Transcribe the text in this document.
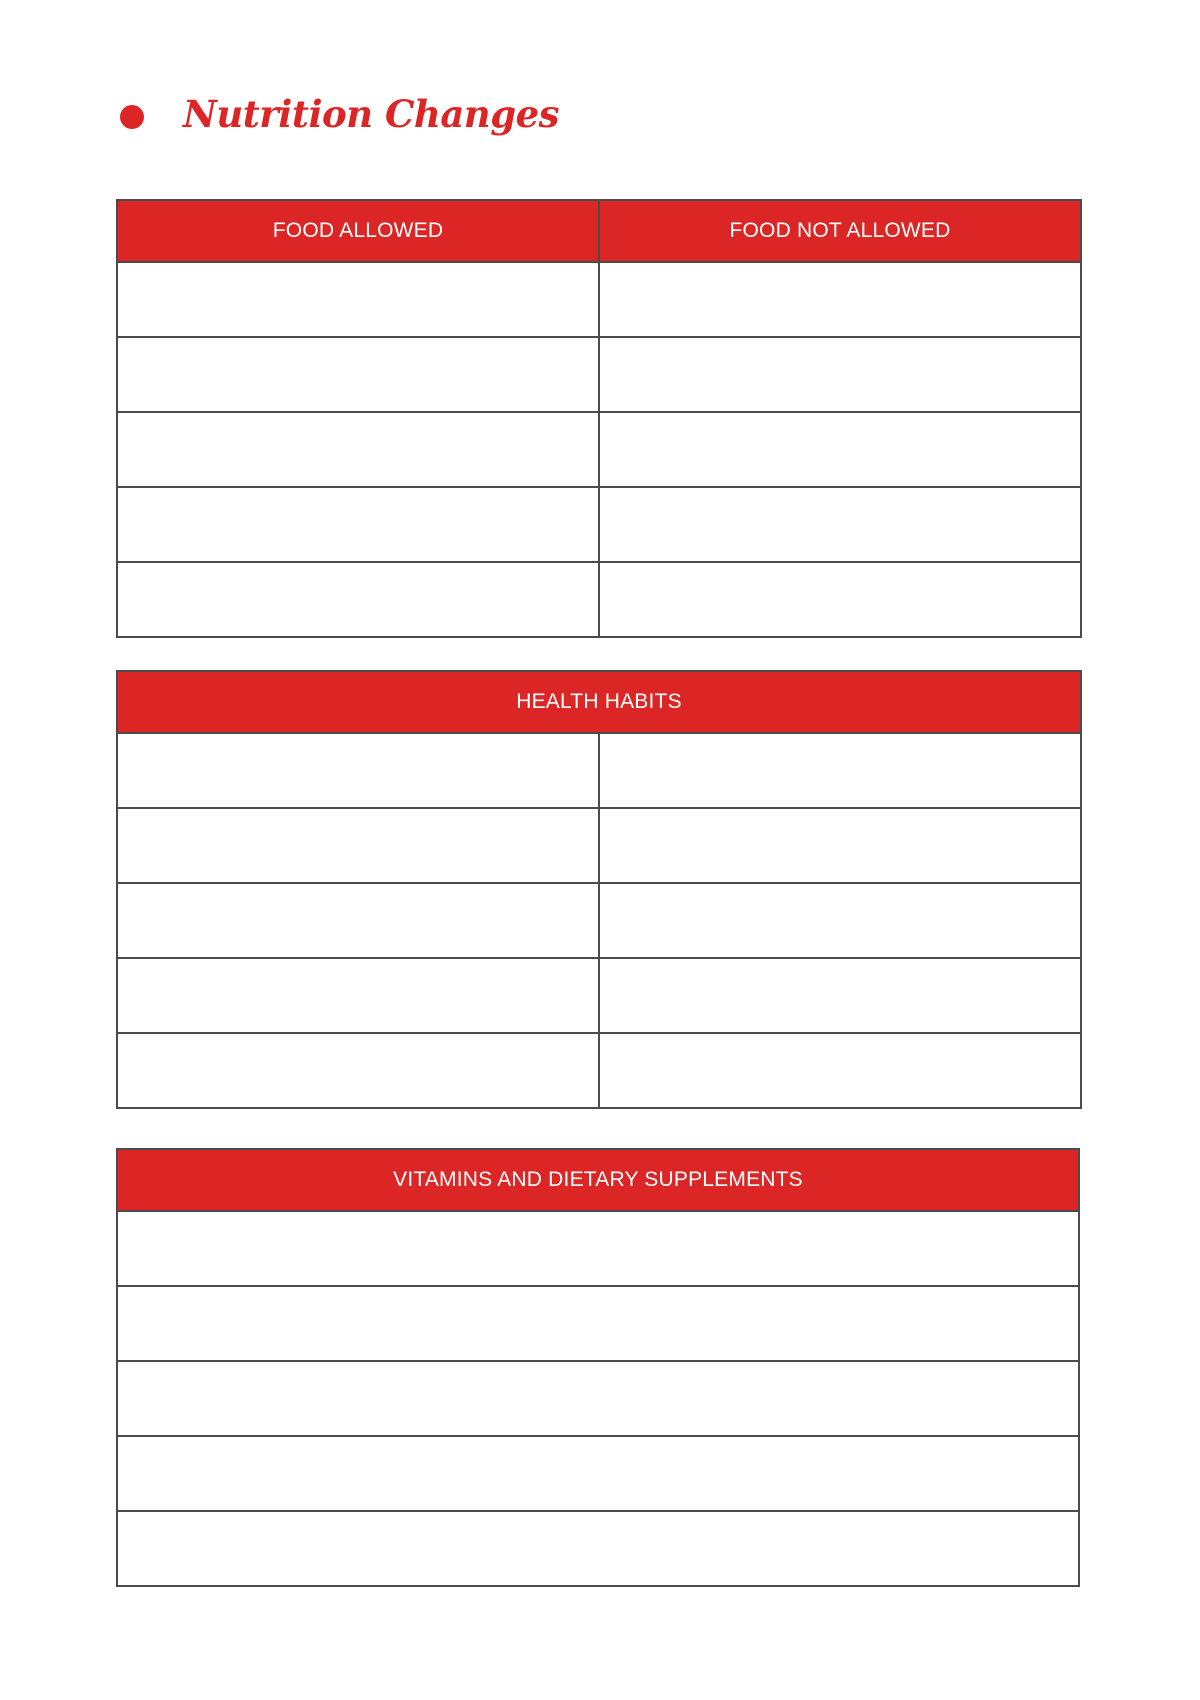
Nutrition Changes
FOOD ALLOWED	FOOD NOT ALLOWED

HEALTH HABITS	

VITAMINS AND DIETARY SUPPLEMENTS
